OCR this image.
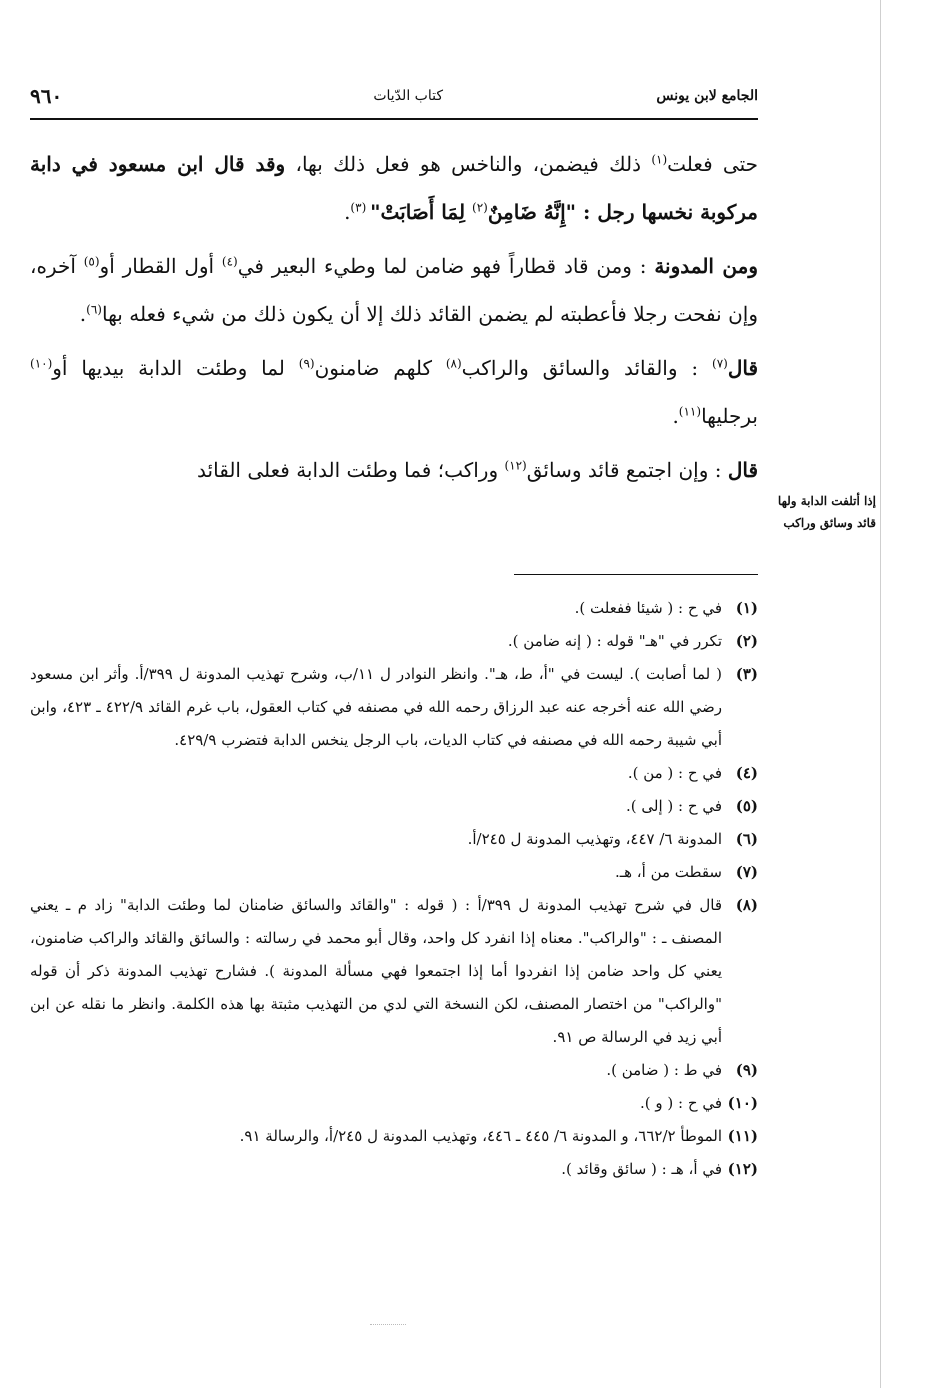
الجامع لابن يونس
كتاب الدّيات
٩٦٠

حتى فعلت$^{(١)}$ ذلك فيضمن، والناخس هو فعل ذلك بها، وقد قال ابن مسعود في دابة مركوبة نخسها رجل : "إِنَّهُ ضَامِنٌ$^{(٢)}$ لِمَا أَصَابَتْ" $^{(٣)}$.

ومن المدونة : ومن قاد قطاراً فهو ضامن لما وطيء البعير في$^{(٤)}$ أول القطار أو$^{(٥)}$ آخره، وإن نفحت رجلا فأعطبته لم يضمن القائد ذلك إلا أن يكون ذلك من شيء فعله بها$^{(٦)}$.

قال$^{(٧)}$ : والقائد والسائق والراكب$^{(٨)}$ كلهم ضامنون$^{(٩)}$ لما وطئت الدابة بيديها أو$^{(١٠)}$ برجليها$^{(١١)}$.

قال : وإن اجتمع قائد وسائق$^{(١٢)}$ وراكب؛ فما وطئت الدابة فعلى القائد

إذا أتلفت الدابة ولها
قائد وسائق وراكب
(١)
في ح : ( شيئا ففعلت ).
(٢)
تكرر في "هـ" قوله : ( إنه ضامن ).
(٣)
( لما أصابت ). ليست في "أ، ط، هـ". وانظر النوادر ل ١١/ب، وشرح تهذيب المدونة ل ٣٩٩/أ. وأثر ابن مسعود رضي الله عنه أخرجه عنه عبد الرزاق رحمه الله في مصنفه في كتاب العقول، باب غرم القائد ٤٢٢/٩ ـ ٤٢٣، وابن أبي شيبة رحمه الله في مصنفه في كتاب الديات، باب الرجل ينخس الدابة فتضرب ٤٢٩/٩.
(٤)
في ح : ( من ).
(٥)
في ح : ( إلى ).
(٦)
المدونة ٦/ ٤٤٧، وتهذيب المدونة ل ٢٤٥/أ.
(٧)
سقطت من أ، هـ.
(٨)
قال في شرح تهذيب المدونة ل ٣٩٩/أ : ( قوله : "والقائد والسائق ضامنان لما وطئت الدابة" زاد م ـ يعني المصنف ـ : "والراكب". معناه إذا انفرد كل واحد، وقال أبو محمد في رسالته : والسائق والقائد والراكب ضامنون، يعني كل واحد ضامن إذا انفردوا أما إذا اجتمعوا فهي مسألة المدونة ). فشارح تهذيب المدونة ذكر أن قوله "والراكب" من اختصار المصنف، لكن النسخة التي لدي من التهذيب مثبتة بها هذه الكلمة. وانظر ما نقله عن ابن أبي زيد في الرسالة ص ٩١.
(٩)
في ط : ( ضامن ).
(١٠)
في ح : ( و ).
(١١)
الموطأ ٦٦٢/٢، و المدونة ٦/ ٤٤٥ ـ ٤٤٦، وتهذيب المدونة ل ٢٤٥/أ، والرسالة ٩١.
(١٢)
في أ، هـ : ( سائق وقائد ).
